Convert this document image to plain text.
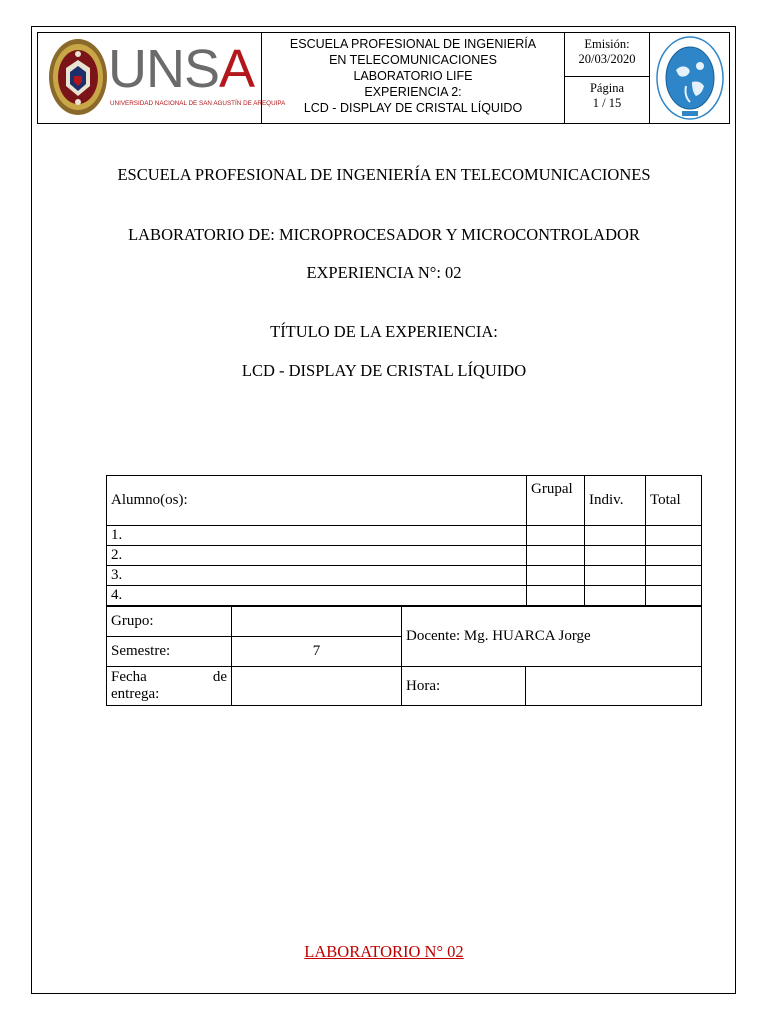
UNSA
UNIVERSIDAD NACIONAL DE SAN AGUSTÍN DE AREQUIPA
ESCUELA PROFESIONAL DE INGENIERÍA
EN TELECOMUNICACIONES
LABORATORIO LIFE
EXPERIENCIA 2:
LCD - DISPLAY DE CRISTAL LÍQUIDO
Emisión:
20/03/2020
Página
1 / 15
ESCUELA PROFESIONAL DE INGENIERÍA EN TELECOMUNICACIONES
LABORATORIO DE: MICROPROCESADOR Y MICROCONTROLADOR
EXPERIENCIA N°: 02
TÍTULO DE LA EXPERIENCIA:
LCD - DISPLAY DE CRISTAL LÍQUIDO
Alumno(os):	Grupal	Indiv.	Total
1.			
2.			
3.			
4.			
Grupo:		Docente: Mg. HUARCA Jorge	
Semestre:	7		

Fecha de
entrega:		Hora:	
LABORATORIO N° 02
